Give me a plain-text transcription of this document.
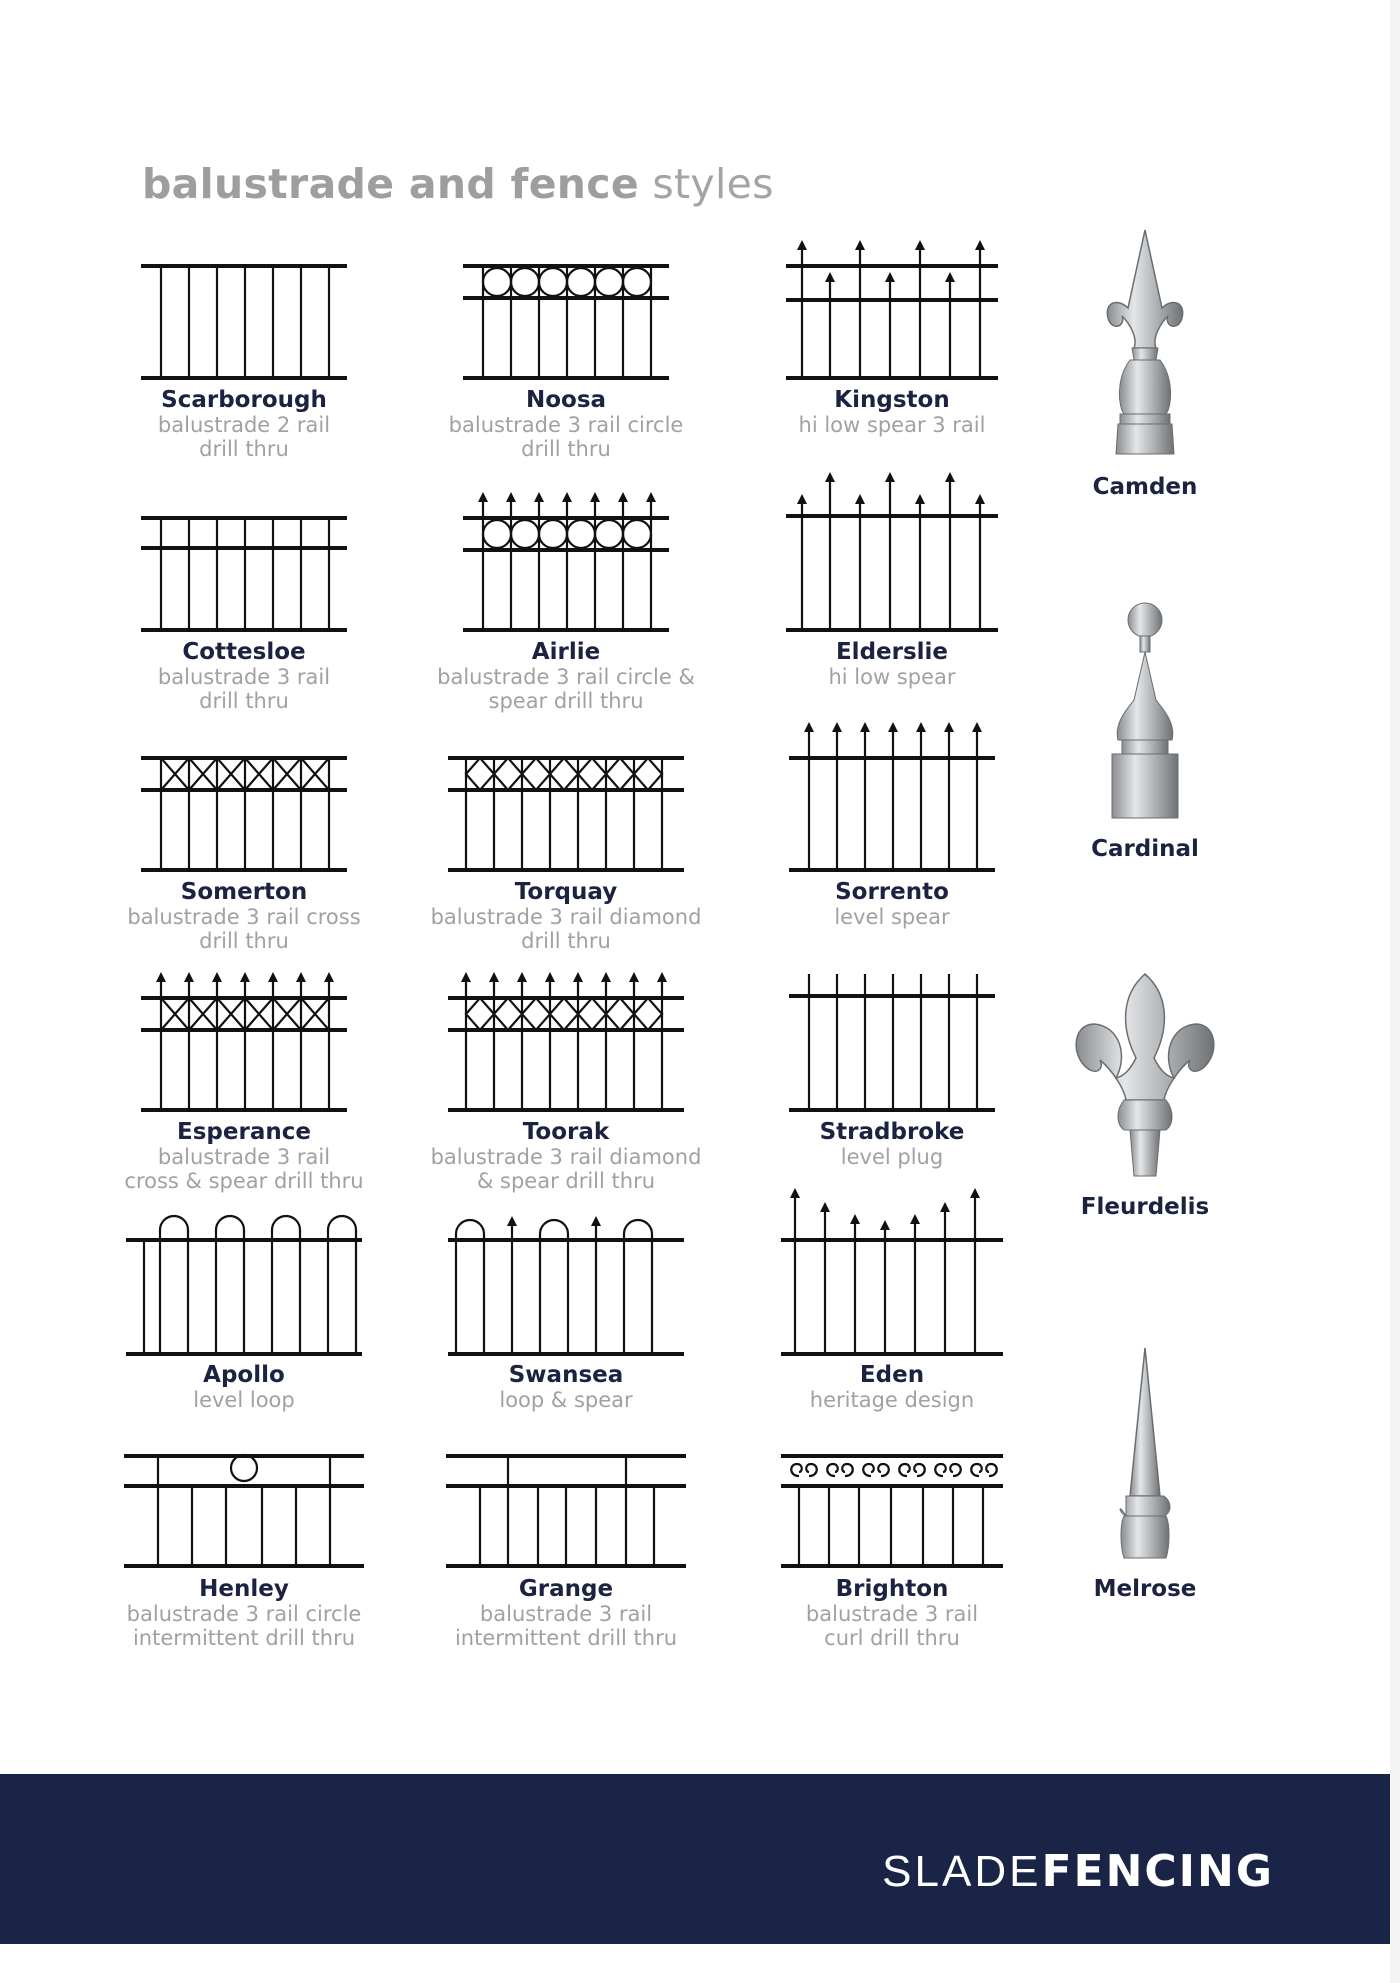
balustrade and fence styles
Scarborough
balustrade 2 rail
drill thru
Noosa
balustrade 3 rail circle
drill thru
Kingston
hi low spear 3 rail
Cottesloe
balustrade 3 rail
drill thru
Airlie
balustrade 3 rail circle &
spear drill thru
Elderslie
hi low spear
Somerton
balustrade 3 rail cross
drill thru
Torquay
balustrade 3 rail diamond
drill thru
Sorrento
level spear
Esperance
balustrade 3 rail
cross & spear drill thru
Toorak
balustrade 3 rail diamond
& spear drill thru
Stradbroke
level plug
Apollo
level loop
Swansea
loop & spear
Eden
heritage design
Henley
balustrade 3 rail circle
intermittent drill thru
Grange
balustrade 3 rail
intermittent drill thru
Brighton
balustrade 3 rail
curl drill thru
Camden
Cardinal
Fleurdelis
Melrose
SLADEFENCING
